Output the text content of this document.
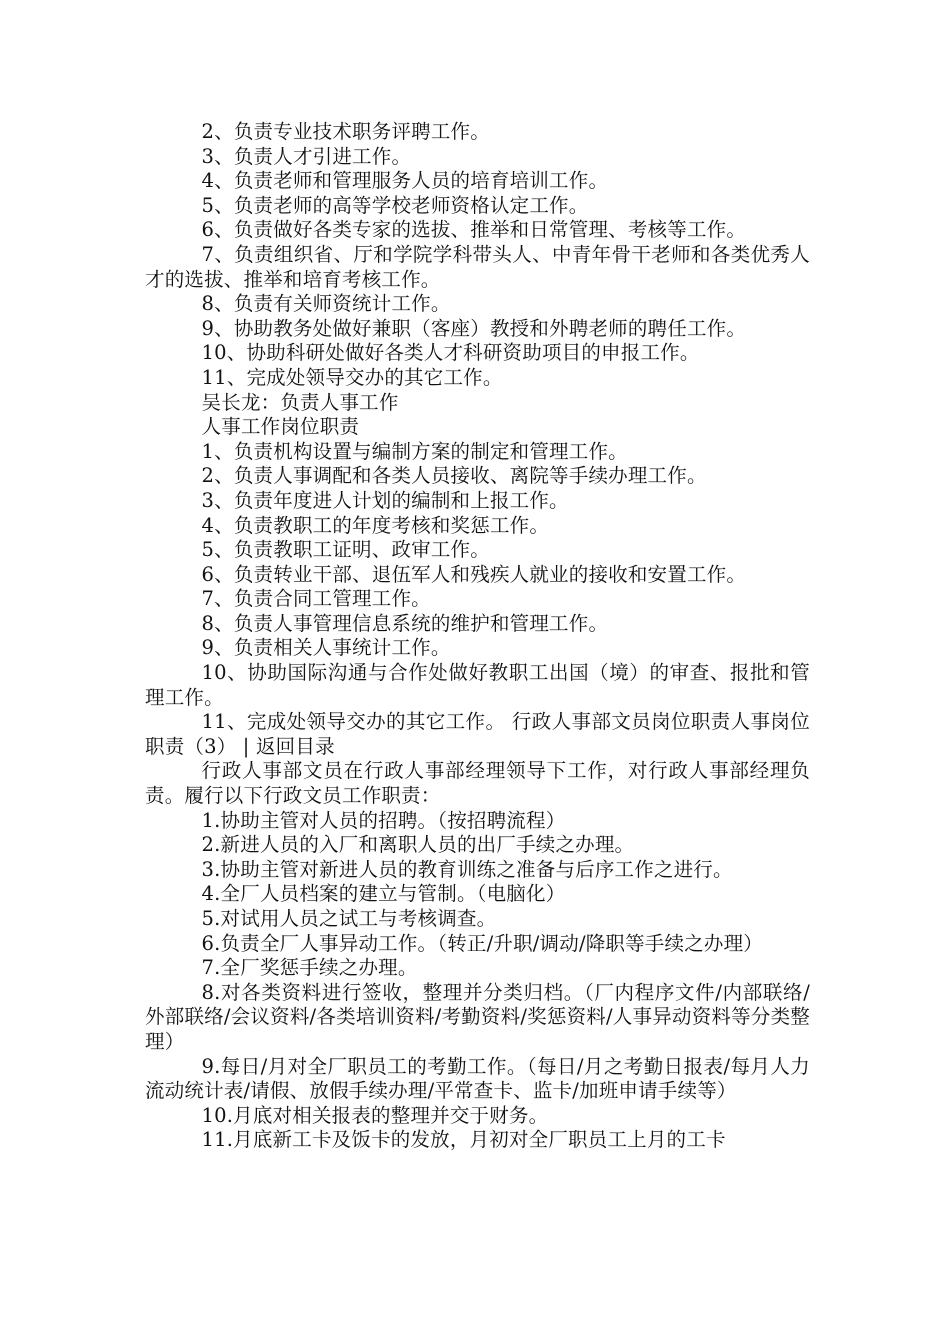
2、负责专业技术职务评聘工作。

3、负责人才引进工作。

4、负责老师和管理服务人员的培育培训工作。

5、负责老师的高等学校老师资格认定工作。

6、负责做好各类专家的选拔、推举和日常管理、考核等工作。

7、负责组织省、厅和学院学科带头人、中青年骨干老师和各类优秀人才的选拔、推举和培育考核工作。

8、负责有关师资统计工作。

9、协助教务处做好兼职（客座）教授和外聘老师的聘任工作。

10、协助科研处做好各类人才科研资助项目的申报工作。

11、完成处领导交办的其它工作。

吴长龙：负责人事工作

人事工作岗位职责

1、负责机构设置与编制方案的制定和管理工作。

2、负责人事调配和各类人员接收、离院等手续办理工作。

3、负责年度进人计划的编制和上报工作。

4、负责教职工的年度考核和奖惩工作。

5、负责教职工证明、政审工作。

6、负责转业干部、退伍军人和残疾人就业的接收和安置工作。

7、负责合同工管理工作。

8、负责人事管理信息系统的维护和管理工作。

9、负责相关人事统计工作。

10、协助国际沟通与合作处做好教职工出国（境）的审查、报批和管理工作。

11、完成处领导交办的其它工作。 行政人事部文员岗位职责人事岗位职责（3） | 返回目录

行政人事部文员在行政人事部经理领导下工作，对行政人事部经理负责。履行以下行政文员工作职责：

1.协助主管对人员的招聘。（按招聘流程）

2.新进人员的入厂和离职人员的出厂手续之办理。

3.协助主管对新进人员的教育训练之准备与后序工作之进行。

4.全厂人员档案的建立与管制。（电脑化）

5.对试用人员之试工与考核调查。

6.负责全厂人事异动工作。（转正/升职/调动/降职等手续之办理）

7.全厂奖惩手续之办理。

8.对各类资料进行签收，整理并分类归档。（厂内程序文件/内部联络/外部联络/会议资料/各类培训资料/考勤资料/奖惩资料/人事异动资料等分类整理）

9.每日/月对全厂职员工的考勤工作。（每日/月之考勤日报表/每月人力流动统计表/请假、放假手续办理/平常查卡、监卡/加班申请手续等）

10.月底对相关报表的整理并交于财务。

11.月底新工卡及饭卡的发放，月初对全厂职员工上月的工卡
